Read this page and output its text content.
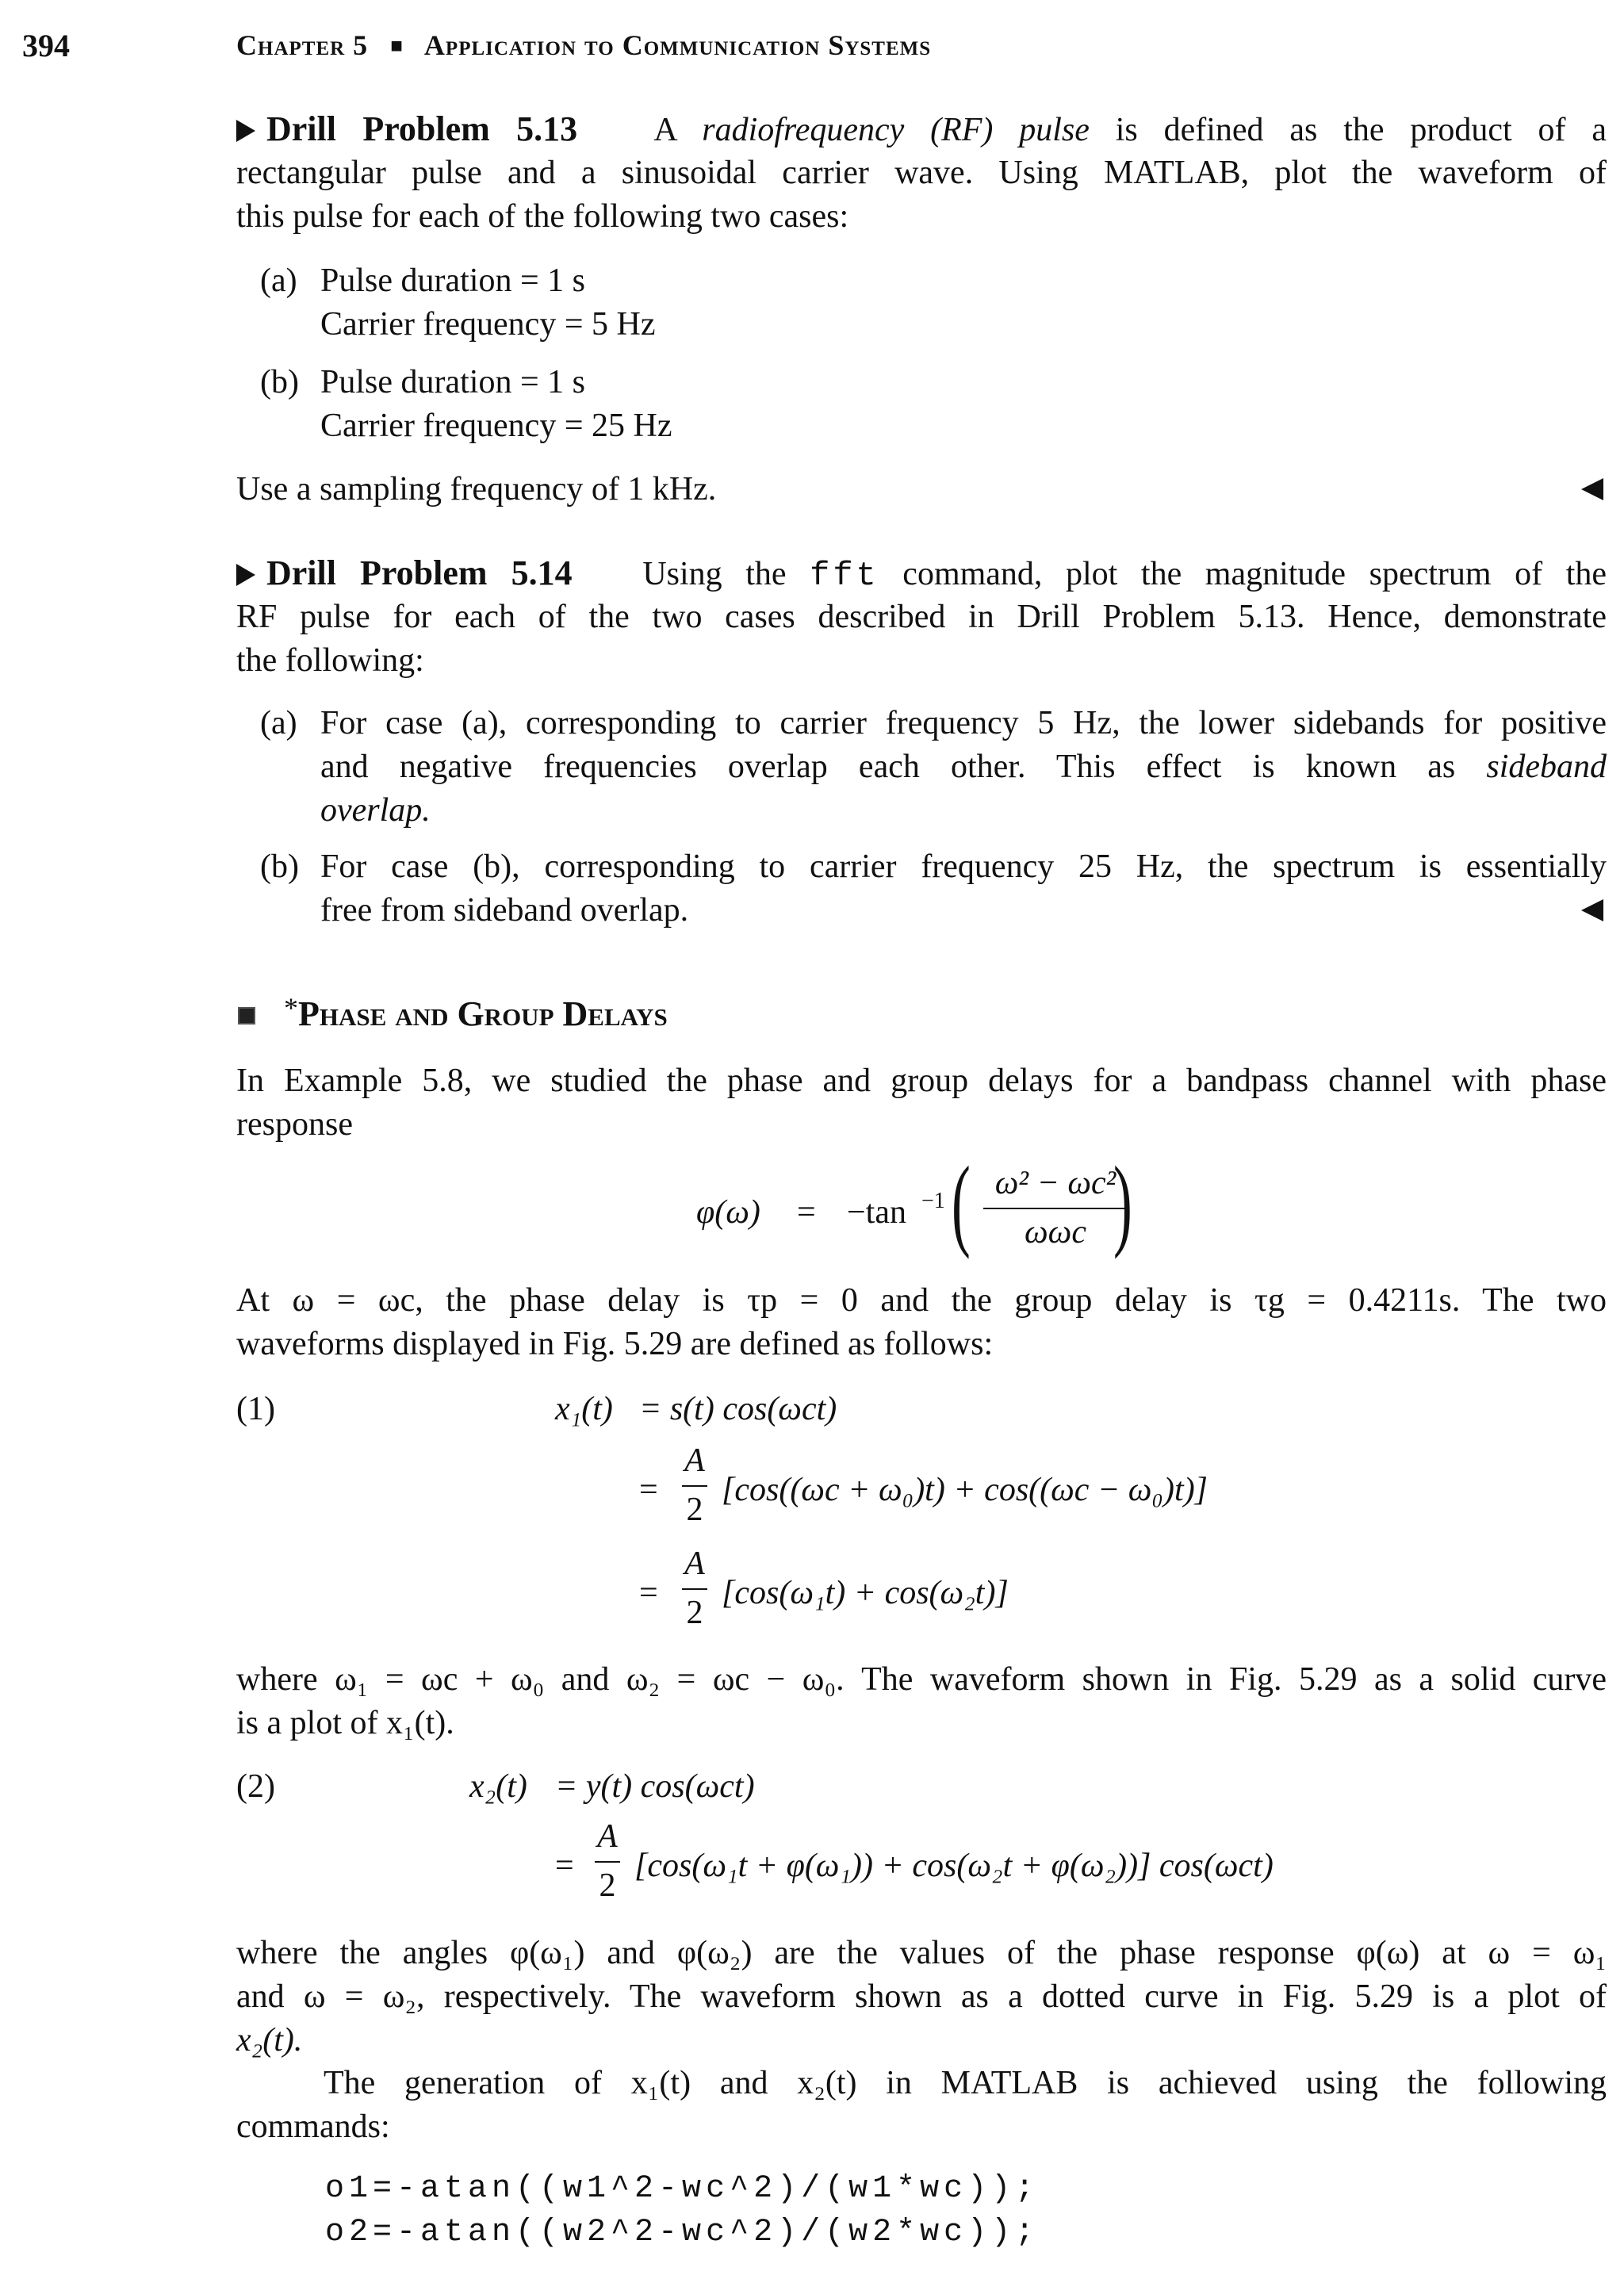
394	Chapter 5 ■ Application to Communication Systems
Drill Problem 5.13 A radiofrequency (RF) pulse is defined as the product of a
rectangular pulse and a sinusoidal carrier wave. Using MATLAB, plot the waveform of
this pulse for each of the following two cases:
(a) Pulse duration = 1 s
Carrier frequency = 5 Hz
(b) Pulse duration = 1 s
Carrier frequency = 25 Hz
Use a sampling frequency of 1 kHz.
Drill Problem 5.14 Using the fft command, plot the magnitude spectrum of the
RF pulse for each of the two cases described in Drill Problem 5.13. Hence, demonstrate
the following:
(a) For case (a), corresponding to carrier frequency 5 Hz, the lower sidebands for positive
and negative frequencies overlap each other. This effect is known as sideband
overlap.
(b) For case (b), corresponding to carrier frequency 25 Hz, the spectrum is essentially
free from sideband overlap.
*Phase and Group Delays
In Example 5.8, we studied the phase and group delays for a bandpass channel with phase
response
φ(ω) = −tan −1 ( ω² − ωc²
ωωc )
At ω = ωc, the phase delay is τp = 0 and the group delay is τg = 0.4211s. The two
waveforms displayed in Fig. 5.29 are defined as follows:
(1)	x₁(t) = s(t) cos(ωct)
=
A
2
[cos((ωc + ω₀)t) + cos((ωc − ω₀)t)]
=
A
2
[cos(ω₁t) + cos(ω₂t)]
where ω₁ = ωc + ω₀ and ω₂ = ωc − ω₀. The waveform shown in Fig. 5.29 as a solid curve
is a plot of x₁(t).
(2)	x₂(t) = y(t) cos(ωct)
=
A
2
[cos(ω₁t + φ(ω₁)) + cos(ω₂t + φ(ω₂))] cos(ωct)
where the angles φ(ω₁) and φ(ω₂) are the values of the phase response φ(ω) at ω = ω₁
and ω = ω₂, respectively. The waveform shown as a dotted curve in Fig. 5.29 is a plot of
x₂(t).
The generation of x₁(t) and x₂(t) in MATLAB is achieved using the following
commands:
o1=-atan((w1^2-wc^2)/(w1*wc));
o2=-atan((w2^2-wc^2)/(w2*wc));
